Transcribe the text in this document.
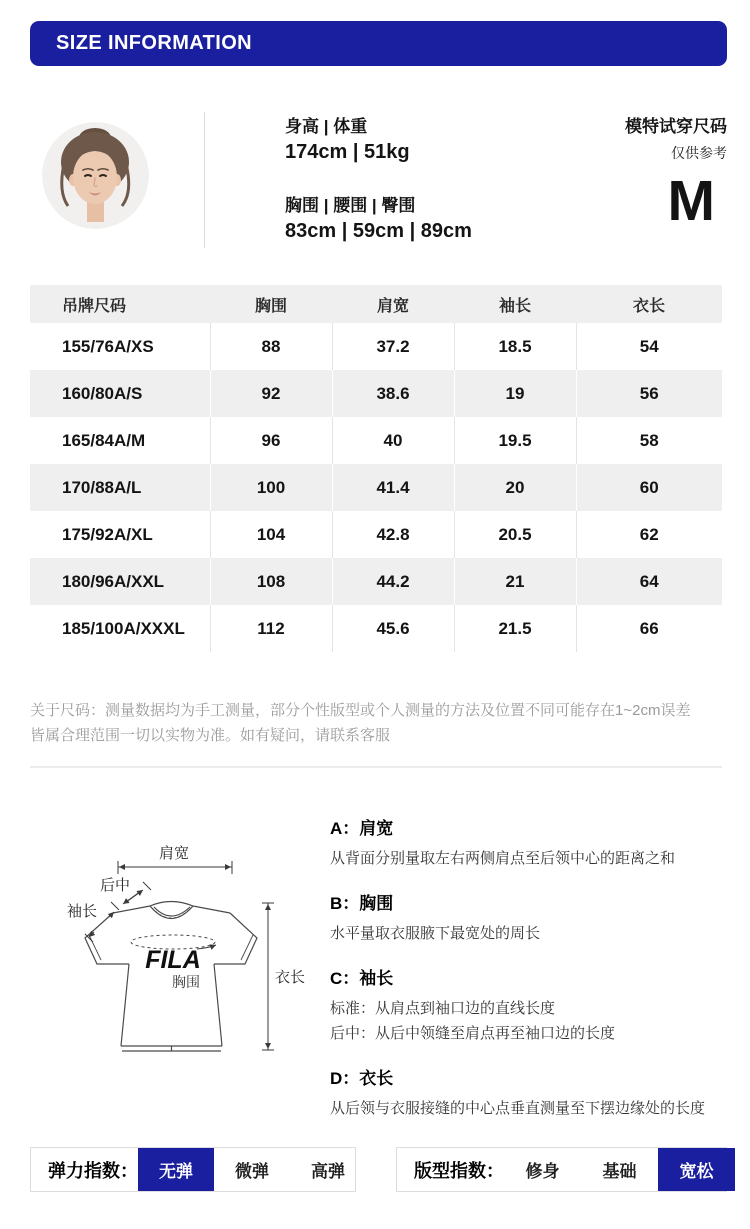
SIZE INFORMATION
身高 | 体重
174cm | 51kg
胸围 | 腰围 | 臀围
83cm | 59cm | 89cm
模特试穿尺码
仅供参考
M
吊牌尺码	胸围	肩宽	袖长	衣长
155/76A/XS	88	37.2	18.5	54
160/80A/S	92	38.6	19	56
165/84A/M	96	40	19.5	58
170/88A/L	100	41.4	20	60
175/92A/XL	104	42.8	20.5	62
180/96A/XXL	108	44.2	21	64
185/100A/XXXL	112	45.6	21.5	66
关于尺码：测量数据均为手工测量，部分个性版型或个人测量的方法及位置不同可能存在1~2cm误差
皆属合理范围一切以实物为准。如有疑问，请联系客服
肩宽
后中
袖长
衣长
FILA
胸围
A：肩宽
从背面分别量取左右两侧肩点至后领中心的距离之和
B：胸围
水平量取衣服腋下最宽处的周长
C：袖长
标准：从肩点到袖口边的直线长度
后中：从后中领缝至肩点再至袖口边的长度
D：衣长
从后领与衣服接缝的中心点垂直测量至下摆边缘处的长度
弹力指数：	无弹	微弹	高弹	版型指数：	修身	基础	宽松
